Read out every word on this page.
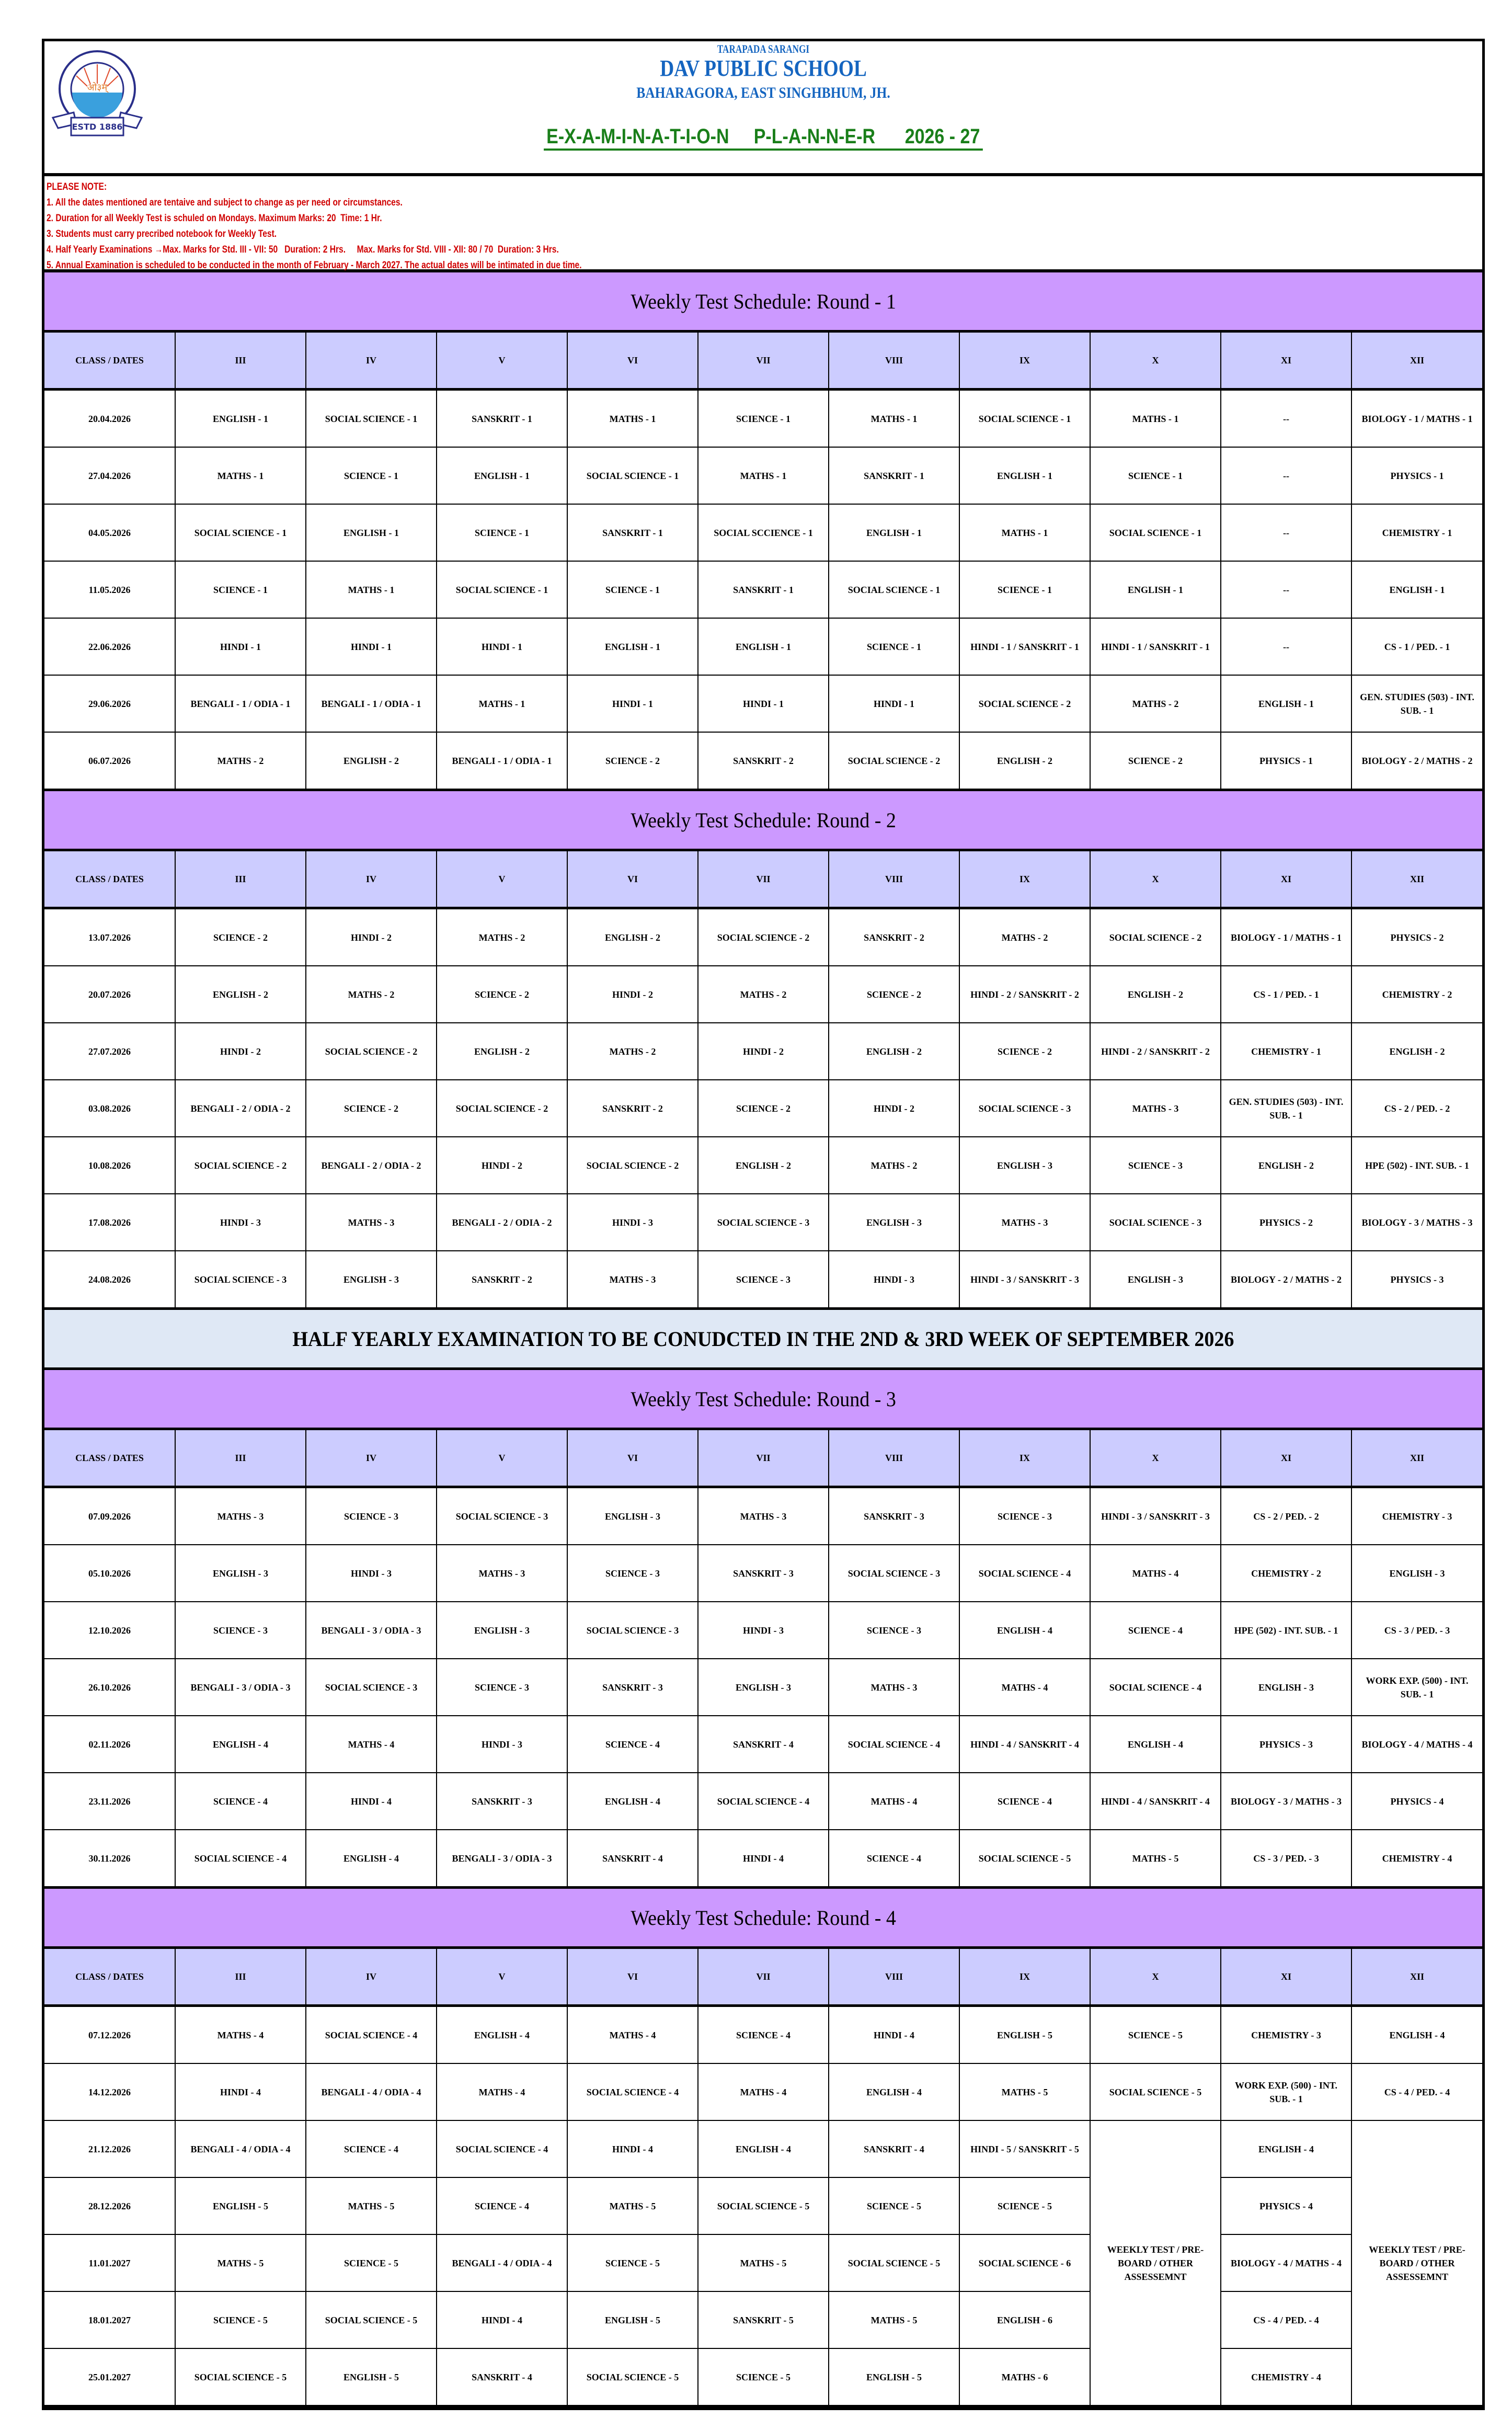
ओ३म्
ESTD 1886
TARAPADA SARANGI
DAV PUBLIC SCHOOL
BAHARAGORA, EAST SINGHBHUM, JH.
E-X-A-M-I-N-A-T-I-O-N     P-L-A-N-N-E-R      2026 - 27
PLEASE NOTE:
1. All the dates mentioned are tentaive and subject to change as per need or circumstances.
2. Duration for all Weekly Test is schuled on Mondays. Maximum Marks: 20  Time: 1 Hr.
3. Students must carry precribed notebook for Weekly Test.
4. Half Yearly Examinations →Max. Marks for Std. III - VII: 50   Duration: 2 Hrs.     Max. Marks for Std. VIII - XII: 80 / 70  Duration: 3 Hrs.
5. Annual Examination is scheduled to be conducted in the month of February - March 2027. The actual dates will be intimated in due time.
Weekly Test Schedule: Round - 1
CLASS / DATES	III	IV	V	VI	VII	VIII	IX	X	XI	XII
20.04.2026	ENGLISH - 1	SOCIAL SCIENCE - 1	SANSKRIT - 1	MATHS - 1	SCIENCE - 1	MATHS - 1	SOCIAL SCIENCE - 1	MATHS - 1	--	BIOLOGY - 1 / MATHS - 1
27.04.2026	MATHS - 1	SCIENCE - 1	ENGLISH - 1	SOCIAL SCIENCE - 1	MATHS - 1	SANSKRIT - 1	ENGLISH - 1	SCIENCE - 1	--	PHYSICS - 1
04.05.2026	SOCIAL SCIENCE - 1	ENGLISH - 1	SCIENCE - 1	SANSKRIT - 1	SOCIAL SCCIENCE - 1	ENGLISH - 1	MATHS - 1	SOCIAL SCIENCE - 1	--	CHEMISTRY - 1
11.05.2026	SCIENCE - 1	MATHS - 1	SOCIAL SCIENCE - 1	SCIENCE - 1	SANSKRIT - 1	SOCIAL SCIENCE - 1	SCIENCE - 1	ENGLISH - 1	--	ENGLISH - 1
22.06.2026	HINDI - 1	HINDI - 1	HINDI - 1	ENGLISH - 1	ENGLISH - 1	SCIENCE - 1	HINDI - 1 / SANSKRIT - 1	HINDI - 1 / SANSKRIT - 1	--	CS - 1 / PED. - 1
29.06.2026	BENGALI - 1 / ODIA - 1	BENGALI - 1 / ODIA - 1	MATHS - 1	HINDI - 1	HINDI - 1	HINDI - 1	SOCIAL SCIENCE - 2	MATHS - 2	ENGLISH - 1	GEN. STUDIES (503) - INT. SUB. - 1
06.07.2026	MATHS - 2	ENGLISH - 2	BENGALI - 1 / ODIA - 1	SCIENCE - 2	SANSKRIT - 2	SOCIAL SCIENCE - 2	ENGLISH - 2	SCIENCE - 2	PHYSICS - 1	BIOLOGY - 2 / MATHS - 2
Weekly Test Schedule: Round - 2
CLASS / DATES	III	IV	V	VI	VII	VIII	IX	X	XI	XII
13.07.2026	SCIENCE - 2	HINDI - 2	MATHS - 2	ENGLISH - 2	SOCIAL SCIENCE - 2	SANSKRIT - 2	MATHS - 2	SOCIAL SCIENCE - 2	BIOLOGY - 1 / MATHS - 1	PHYSICS - 2
20.07.2026	ENGLISH - 2	MATHS - 2	SCIENCE - 2	HINDI - 2	MATHS - 2	SCIENCE - 2	HINDI - 2 / SANSKRIT - 2	ENGLISH - 2	CS - 1 / PED. - 1	CHEMISTRY - 2
27.07.2026	HINDI - 2	SOCIAL SCIENCE - 2	ENGLISH - 2	MATHS - 2	HINDI - 2	ENGLISH - 2	SCIENCE - 2	HINDI - 2 / SANSKRIT - 2	CHEMISTRY - 1	ENGLISH - 2
03.08.2026	BENGALI - 2 / ODIA - 2	SCIENCE - 2	SOCIAL SCIENCE - 2	SANSKRIT - 2	SCIENCE - 2	HINDI - 2	SOCIAL SCIENCE - 3	MATHS - 3	GEN. STUDIES (503) - INT. SUB. - 1	CS - 2 / PED. - 2
10.08.2026	SOCIAL SCIENCE - 2	BENGALI - 2 / ODIA - 2	HINDI - 2	SOCIAL SCIENCE - 2	ENGLISH - 2	MATHS - 2	ENGLISH - 3	SCIENCE - 3	ENGLISH - 2	HPE (502) - INT. SUB. - 1
17.08.2026	HINDI - 3	MATHS - 3	BENGALI - 2 / ODIA - 2	HINDI - 3	SOCIAL SCIENCE - 3	ENGLISH - 3	MATHS - 3	SOCIAL SCIENCE - 3	PHYSICS - 2	BIOLOGY - 3 / MATHS - 3
24.08.2026	SOCIAL SCIENCE - 3	ENGLISH - 3	SANSKRIT - 2	MATHS - 3	SCIENCE - 3	HINDI - 3	HINDI - 3 / SANSKRIT - 3	ENGLISH - 3	BIOLOGY - 2 / MATHS - 2	PHYSICS - 3
HALF YEARLY EXAMINATION TO BE CONUDCTED IN THE 2ND & 3RD WEEK OF SEPTEMBER 2026
Weekly Test Schedule: Round - 3
CLASS / DATES	III	IV	V	VI	VII	VIII	IX	X	XI	XII
07.09.2026	MATHS - 3	SCIENCE - 3	SOCIAL SCIENCE - 3	ENGLISH - 3	MATHS - 3	SANSKRIT - 3	SCIENCE - 3	HINDI - 3 / SANSKRIT - 3	CS - 2 / PED. - 2	CHEMISTRY - 3
05.10.2026	ENGLISH - 3	HINDI - 3	MATHS - 3	SCIENCE - 3	SANSKRIT - 3	SOCIAL SCIENCE - 3	SOCIAL SCIENCE - 4	MATHS - 4	CHEMISTRY - 2	ENGLISH - 3
12.10.2026	SCIENCE - 3	BENGALI - 3 / ODIA - 3	ENGLISH - 3	SOCIAL SCIENCE - 3	HINDI - 3	SCIENCE - 3	ENGLISH - 4	SCIENCE - 4	HPE (502) - INT. SUB. - 1	CS - 3 / PED. - 3
26.10.2026	BENGALI - 3 / ODIA - 3	SOCIAL SCIENCE - 3	SCIENCE - 3	SANSKRIT - 3	ENGLISH - 3	MATHS - 3	MATHS - 4	SOCIAL SCIENCE - 4	ENGLISH - 3	WORK EXP. (500) - INT. SUB. - 1
02.11.2026	ENGLISH - 4	MATHS - 4	HINDI - 3	SCIENCE - 4	SANSKRIT - 4	SOCIAL SCIENCE - 4	HINDI - 4 / SANSKRIT - 4	ENGLISH - 4	PHYSICS - 3	BIOLOGY - 4 / MATHS - 4
23.11.2026	SCIENCE - 4	HINDI - 4	SANSKRIT - 3	ENGLISH - 4	SOCIAL SCIENCE - 4	MATHS - 4	SCIENCE - 4	HINDI - 4 / SANSKRIT - 4	BIOLOGY - 3 / MATHS - 3	PHYSICS - 4
30.11.2026	SOCIAL SCIENCE - 4	ENGLISH - 4	BENGALI - 3 / ODIA - 3	SANSKRIT - 4	HINDI - 4	SCIENCE - 4	SOCIAL SCIENCE - 5	MATHS - 5	CS - 3 / PED. - 3	CHEMISTRY - 4
Weekly Test Schedule: Round - 4
CLASS / DATES	III	IV	V	VI	VII	VIII	IX	X	XI	XII
07.12.2026	MATHS - 4	SOCIAL SCIENCE - 4	ENGLISH - 4	MATHS - 4	SCIENCE - 4	HINDI - 4	ENGLISH - 5	SCIENCE - 5	CHEMISTRY - 3	ENGLISH - 4
14.12.2026	HINDI - 4	BENGALI - 4 / ODIA - 4	MATHS - 4	SOCIAL SCIENCE - 4	MATHS - 4	ENGLISH - 4	MATHS - 5	SOCIAL SCIENCE - 5	WORK EXP. (500) - INT. SUB. - 1	CS - 4 / PED. - 4
21.12.2026	BENGALI - 4 / ODIA - 4	SCIENCE - 4	SOCIAL SCIENCE - 4	HINDI - 4	ENGLISH - 4	SANSKRIT - 4	HINDI - 5 / SANSKRIT - 5	WEEKLY TEST / PRE-BOARD / OTHER ASSESSEMNT	ENGLISH - 4	WEEKLY TEST / PRE-BOARD / OTHER ASSESSEMNT
28.12.2026	ENGLISH - 5	MATHS - 5	SCIENCE - 4	MATHS - 5	SOCIAL SCIENCE - 5	SCIENCE - 5	SCIENCE - 5		PHYSICS - 4	
11.01.2027	MATHS - 5	SCIENCE - 5	BENGALI - 4 / ODIA - 4	SCIENCE - 5	MATHS - 5	SOCIAL SCIENCE - 5	SOCIAL SCIENCE - 6		BIOLOGY - 4 / MATHS - 4	
18.01.2027	SCIENCE - 5	SOCIAL SCIENCE - 5	HINDI - 4	ENGLISH - 5	SANSKRIT - 5	MATHS - 5	ENGLISH - 6		CS - 4 / PED. - 4	
25.01.2027	SOCIAL SCIENCE - 5	ENGLISH - 5	SANSKRIT - 4	SOCIAL SCIENCE - 5	SCIENCE - 5	ENGLISH - 5	MATHS - 6		CHEMISTRY - 4	
